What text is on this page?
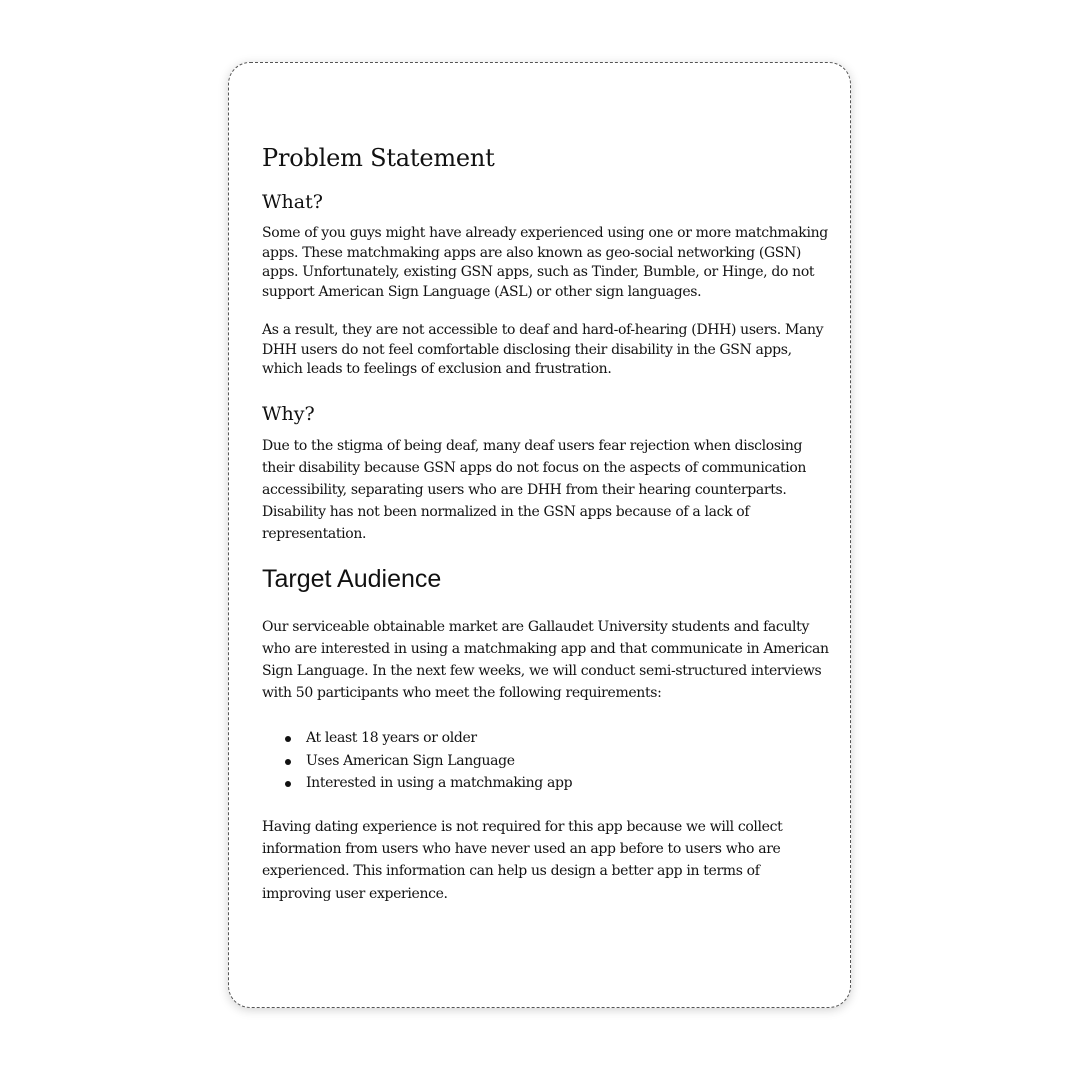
Problem Statement
What?

Some of you guys might have already experienced using one or more matchmaking apps. These matchmaking apps are also known as geo-social networking (GSN) apps. Unfortunately, existing GSN apps, such as Tinder, Bumble, or Hinge, do not support American Sign Language (ASL) or other sign languages.

As a result, they are not accessible to deaf and hard-of-hearing (DHH) users. Many DHH users do not feel comfortable disclosing their disability in the GSN apps, which leads to feelings of exclusion and frustration.

Why?

Due to the stigma of being deaf, many deaf users fear rejection when disclosing their disability because GSN apps do not focus on the aspects of communication accessibility, separating users who are DHH from their hearing counterparts. Disability has not been normalized in the GSN apps because of a lack of representation.

Target Audience

Our serviceable obtainable market are Gallaudet University students and faculty who are interested in using a matchmaking app and that communicate in American Sign Language. In the next few weeks, we will conduct semi-structured interviews with 50 participants who meet the following requirements:

At least 18 years or older
Uses American Sign Language
Interested in using a matchmaking app

Having dating experience is not required for this app because we will collect information from users who have never used an app before to users who are experienced. This information can help us design a better app in terms of improving user experience.
